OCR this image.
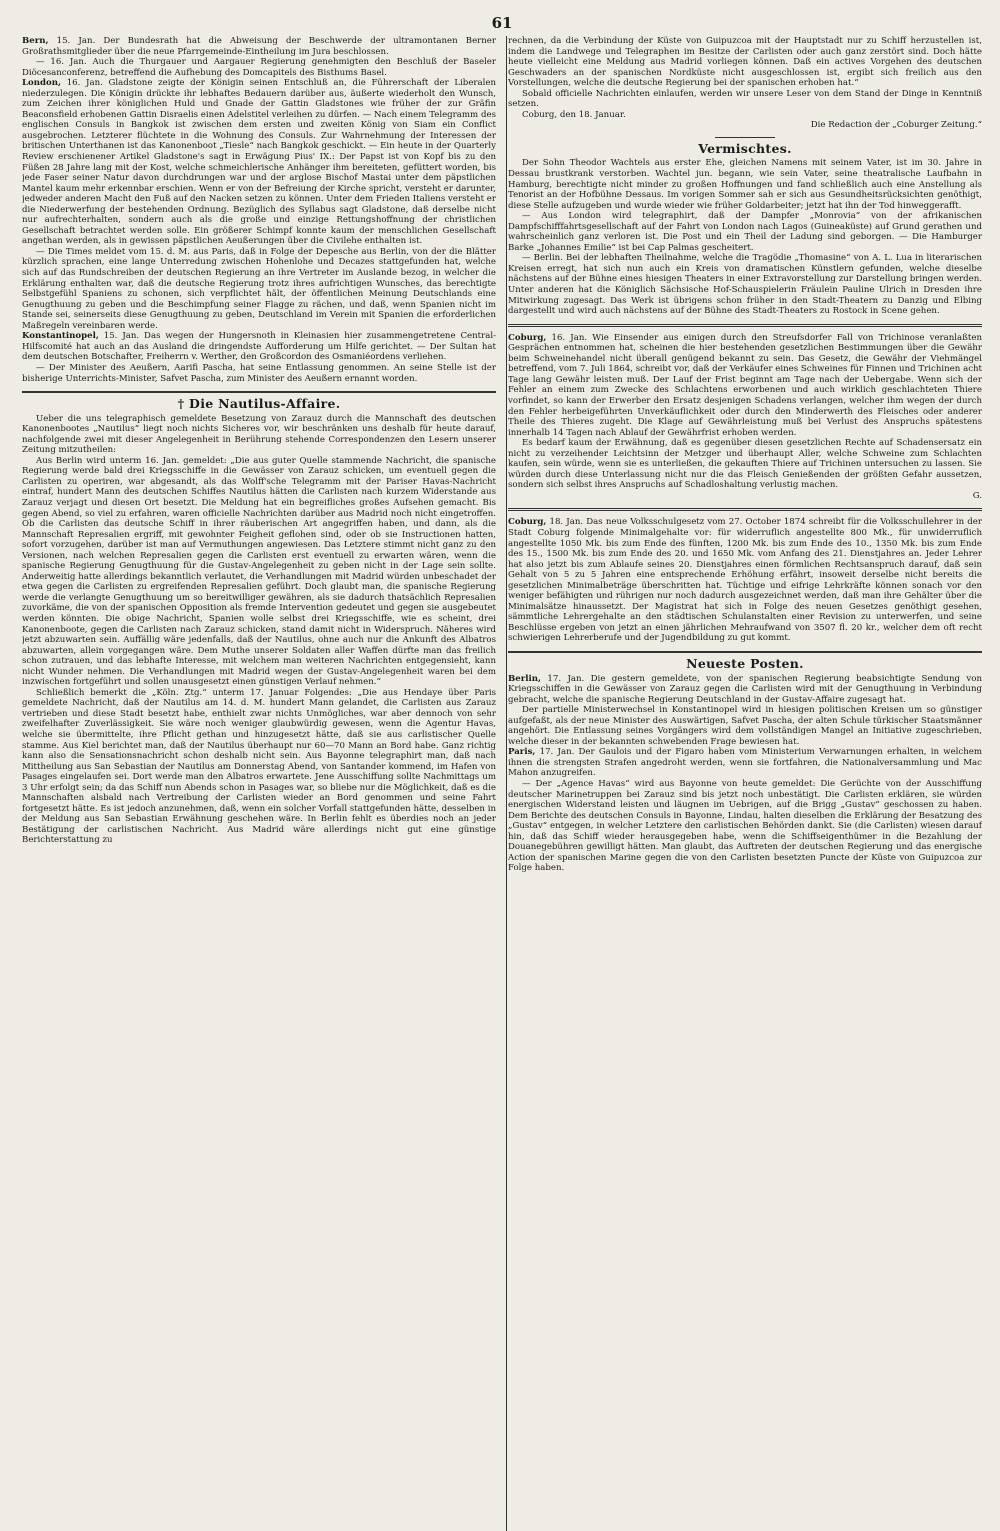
61

Bern, 15. Jan. Der Bundesrath hat die Abweisung der Beschwerde der ultramontanen Berner Großrathsmitglieder über die neue Pfarrgemeinde-Eintheilung im Jura beschlossen.

— 16. Jan. Auch die Thurgauer und Aargauer Regierung genehmigten den Beschluß der Baseler Diöcesanconferenz, betreffend die Aufhebung des Domcapitels des Bisthums Basel.

London, 16. Jan. Gladstone zeigte der Königin seinen Entschluß an, die Führerschaft der Liberalen niederzulegen. Die Königin drückte ihr lebhaftes Bedauern darüber aus, äußerte wiederholt den Wunsch, zum Zeichen ihrer königlichen Huld und Gnade der Gattin Gladstones wie früher der zur Gräfin Beaconsfield erhobenen Gattin Disraelis einen Adelstitel verleihen zu dürfen. — Nach einem Telegramm des englischen Consuls in Bangkok ist zwischen dem ersten und zweiten König von Siam ein Conflict ausgebrochen. Letzterer flüchtete in die Wohnung des Consuls. Zur Wahrnehmung der Interessen der britischen Unterthanen ist das Kanonenboot „Tiesle“ nach Bangkok geschickt. — Ein heute in der Quarterly Review erschienener Artikel Gladstone's sagt in Erwägung Pius' IX.: Der Papst ist von Kopf bis zu den Füßen 28 Jahre lang mit der Kost, welche schmeichlerische Anhänger ihm bereiteten, gefüttert worden, bis jede Faser seiner Natur davon durchdrungen war und der arglose Bischof Mastai unter dem päpstlichen Mantel kaum mehr erkennbar erschien. Wenn er von der Befreiung der Kirche spricht, versteht er darunter, jedweder anderen Macht den Fuß auf den Nacken setzen zu können. Unter dem Frieden Italiens versteht er die Niederwerfung der bestehenden Ordnung. Bezüglich des Syllabus sagt Gladstone, daß derselbe nicht nur aufrechterhalten, sondern auch als die große und einzige Rettungshoffnung der christlichen Gesellschaft betrachtet werden solle. Ein größerer Schimpf konnte kaum der menschlichen Gesellschaft angethan werden, als in gewissen päpstlichen Aeußerungen über die Civilehe enthalten ist.

— Die Times meldet vom 15. d. M. aus Paris, daß in Folge der Depesche aus Berlin, von der die Blätter kürzlich sprachen, eine lange Unterredung zwischen Hohenlohe und Decazes stattgefunden hat, welche sich auf das Rundschreiben der deutschen Regierung an ihre Vertreter im Auslande bezog, in welcher die Erklärung enthalten war, daß die deutsche Regierung trotz ihres aufrichtigen Wunsches, das berechtigte Selbstgefühl Spaniens zu schonen, sich verpflichtet hält, der öffentlichen Meinung Deutschlands eine Genugthuung zu geben und die Beschimpfung seiner Flagge zu rächen, und daß, wenn Spanien nicht im Stande sei, seinerseits diese Genugthuung zu geben, Deutschland im Verein mit Spanien die erforderlichen Maßregeln vereinbaren werde.

Konstantinopel, 15. Jan. Das wegen der Hungersnoth in Kleinasien hier zusammengetretene Central-Hilfscomité hat auch an das Ausland die dringendste Aufforderung um Hilfe gerichtet. — Der Sultan hat dem deutschen Botschafter, Freiherrn v. Werther, den Großcordon des Osmaniéordens verliehen.

— Der Minister des Aeußern, Aarifi Pascha, hat seine Entlassung genommen. An seine Stelle ist der bisherige Unterrichts-Minister, Safvet Pascha, zum Minister des Aeußern ernannt worden.

† Die Nautilus-Affaire.

Ueber die uns telegraphisch gemeldete Besetzung von Zarauz durch die Mannschaft des deutschen Kanonenbootes „Nautilus“ liegt noch nichts Sicheres vor, wir beschränken uns deshalb für heute darauf, nachfolgende zwei mit dieser Angelegenheit in Berührung stehende Correspondenzen den Lesern unserer Zeitung mitzutheilen:

Aus Berlin wird unterm 16. Jan. gemeldet: „Die aus guter Quelle stammende Nachricht, die spanische Regierung werde bald drei Kriegsschiffe in die Gewässer von Zarauz schicken, um eventuell gegen die Carlisten zu operiren, war abgesandt, als das Wolff'sche Telegramm mit der Pariser Havas-Nachricht eintraf, hundert Mann des deutschen Schiffes Nautilus hätten die Carlisten nach kurzem Widerstande aus Zarauz verjagt und diesen Ort besetzt. Die Meldung hat ein begreifliches großes Aufsehen gemacht. Bis gegen Abend, so viel zu erfahren, waren officielle Nachrichten darüber aus Madrid noch nicht eingetroffen. Ob die Carlisten das deutsche Schiff in ihrer räuberischen Art angegriffen haben, und dann, als die Mannschaft Represalien ergriff, mit gewohnter Feigheit geflohen sind, oder ob sie Instructionen hatten, sofort vorzugehen, darüber ist man auf Vermuthungen angewiesen. Das Letztere stimmt nicht ganz zu den Versionen, nach welchen Represalien gegen die Carlisten erst eventuell zu erwarten wären, wenn die spanische Regierung Genugthuung für die Gustav-Angelegenheit zu geben nicht in der Lage sein sollte. Anderweitig hatte allerdings bekanntlich verlautet, die Verhandlungen mit Madrid würden unbeschadet der etwa gegen die Carlisten zu ergreifenden Represalien geführt. Doch glaubt man, die spanische Regierung werde die verlangte Genugthuung um so bereitwilliger gewähren, als sie dadurch thatsächlich Represalien zuvorkäme, die von der spanischen Opposition als fremde Intervention gedeutet und gegen sie ausgebeutet werden könnten. Die obige Nachricht, Spanien wolle selbst drei Kriegsschiffe, wie es scheint, drei Kanonenboote, gegen die Carlisten nach Zarauz schicken, stand damit nicht in Widerspruch. Näheres wird jetzt abzuwarten sein. Auffällig wäre jedenfalls, daß der Nautilus, ohne auch nur die Ankunft des Albatros abzuwarten, allein vorgegangen wäre. Dem Muthe unserer Soldaten aller Waffen dürfte man das freilich schon zutrauen, und das lebhafte Interesse, mit welchem man weiteren Nachrichten entgegensieht, kann nicht Wunder nehmen. Die Verhandlungen mit Madrid wegen der Gustav-Angelegenheit waren bei dem inzwischen fortgeführt und sollen unausgesetzt einen günstigen Verlauf nehmen.“

Schließlich bemerkt die „Köln. Ztg.“ unterm 17. Januar Folgendes: „Die aus Hendaye über Paris gemeldete Nachricht, daß der Nautilus am 14. d. M. hundert Mann gelandet, die Carlisten aus Zarauz vertrieben und diese Stadt besetzt habe, enthielt zwar nichts Unmögliches, war aber dennoch von sehr zweifelhafter Zuverlässigkeit. Sie wäre noch weniger glaubwürdig gewesen, wenn die Agentur Havas, welche sie übermittelte, ihre Pflicht gethan und hinzugesetzt hätte, daß sie aus carlistischer Quelle stamme. Aus Kiel berichtet man, daß der Nautilus überhaupt nur 60—70 Mann an Bord habe. Ganz richtig kann also die Sensationsnachricht schon deshalb nicht sein. Aus Bayonne telegraphirt man, daß nach Mittheilung aus San Sebastian der Nautilus am Donnerstag Abend, von Santander kommend, im Hafen von Pasages eingelaufen sei. Dort werde man den Albatros erwartete. Jene Ausschiffung sollte Nachmittags um 3 Uhr erfolgt sein; da das Schiff nun Abends schon in Pasages war, so bliebe nur die Möglichkeit, daß es die Mannschaften alsbald nach Vertreibung der Carlisten wieder an Bord genommen und seine Fahrt fortgesetzt hätte. Es ist jedoch anzunehmen, daß, wenn ein solcher Vorfall stattgefunden hätte, desselben in der Meldung aus San Sebastian Erwähnung geschehen wäre. In Berlin fehlt es überdies noch an jeder Bestätigung der carlistischen Nachricht. Aus Madrid wäre allerdings nicht gut eine günstige Berichterstattung zu

rechnen, da die Verbindung der Küste von Guipuzcoa mit der Hauptstadt nur zu Schiff herzustellen ist, indem die Landwege und Telegraphen im Besitze der Carlisten oder auch ganz zerstört sind. Doch hätte heute vielleicht eine Meldung aus Madrid vorliegen können. Daß ein actives Vorgehen des deutschen Geschwaders an der spanischen Nordküste nicht ausgeschlossen ist, ergibt sich freilich aus den Vorstellungen, welche die deutsche Regierung bei der spanischen erhoben hat.“

Sobald officielle Nachrichten einlaufen, werden wir unsere Leser von dem Stand der Dinge in Kenntniß setzen.

Coburg, den 18. Januar.

Die Redaction der „Coburger Zeitung.“

Vermischtes.

Der Sohn Theodor Wachtels aus erster Ehe, gleichen Namens mit seinem Vater, ist im 30. Jahre in Dessau brustkrank verstorben. Wachtel jun. begann, wie sein Vater, seine theatralische Laufbahn in Hamburg, berechtigte nicht minder zu großen Hoffnungen und fand schließlich auch eine Anstellung als Tenorist an der Hofbühne Dessaus. Im vorigen Sommer sah er sich aus Gesundheitsrücksichten genöthigt, diese Stelle aufzugeben und wurde wieder wie früher Goldarbeiter; jetzt hat ihn der Tod hinweggerafft.

— Aus London wird telegraphirt, daß der Dampfer „Monrovia“ von der afrikanischen Dampfschifffahrtsgesellschaft auf der Fahrt von London nach Lagos (Guineaküste) auf Grund gerathen und wahrscheinlich ganz verloren ist. Die Post und ein Theil der Ladung sind geborgen. — Die Hamburger Barke „Johannes Emilie“ ist bei Cap Palmas gescheitert.

— Berlin. Bei der lebhaften Theilnahme, welche die Tragödie „Thomasine“ von A. L. Lua in literarischen Kreisen erregt, hat sich nun auch ein Kreis von dramatischen Künstlern gefunden, welche dieselbe nächstens auf der Bühne eines hiesigen Theaters in einer Extravorstellung zur Darstellung bringen werden. Unter anderen hat die Königlich Sächsische Hof-Schauspielerin Fräulein Pauline Ulrich in Dresden ihre Mitwirkung zugesagt. Das Werk ist übrigens schon früher in den Stadt-Theatern zu Danzig und Elbing dargestellt und wird auch nächstens auf der Bühne des Stadt-Theaters zu Rostock in Scene gehen.

Coburg, 16. Jan. Wie Einsender aus einigen durch den Streufsdorfer Fall von Trichinose veranlaßten Gesprächen entnommen hat, scheinen die hier bestehenden gesetzlichen Bestimmungen über die Gewähr beim Schweinehandel nicht überall genügend bekannt zu sein. Das Gesetz, die Gewähr der Viehmängel betreffend, vom 7. Juli 1864, schreibt vor, daß der Verkäufer eines Schweines für Finnen und Trichinen acht Tage lang Gewähr leisten muß. Der Lauf der Frist beginnt am Tage nach der Uebergabe. Wenn sich der Fehler an einem zum Zwecke des Schlachtens erworbenen und auch wirklich geschlachteten Thiere vorfindet, so kann der Erwerber den Ersatz desjenigen Schadens verlangen, welcher ihm wegen der durch den Fehler herbeigeführten Unverkäuflichkeit oder durch den Minderwerth des Fleisches oder anderer Theile des Thieres zugeht. Die Klage auf Gewährleistung muß bei Verlust des Anspruchs spätestens innerhalb 14 Tagen nach Ablauf der Gewährfrist erhoben werden.

Es bedarf kaum der Erwähnung, daß es gegenüber diesen gesetzlichen Rechte auf Schadensersatz ein nicht zu verzeihender Leichtsinn der Metzger und überhaupt Aller, welche Schweine zum Schlachten kaufen, sein würde, wenn sie es unterließen, die gekauften Thiere auf Trichinen untersuchen zu lassen. Sie würden durch diese Unterlassung nicht nur die das Fleisch Genießenden der größten Gefahr aussetzen, sondern sich selbst ihres Anspruchs auf Schadloshaltung verlustig machen.

G.

Coburg, 18. Jan. Das neue Volksschulgesetz vom 27. October 1874 schreibt für die Volksschullehrer in der Stadt Coburg folgende Minimalgehalte vor: für widerruflich angestellte 800 Mk., für unwiderruflich angestellte 1050 Mk. bis zum Ende des fünften, 1200 Mk. bis zum Ende des 10., 1350 Mk. bis zum Ende des 15., 1500 Mk. bis zum Ende des 20. und 1650 Mk. vom Anfang des 21. Dienstjahres an. Jeder Lehrer hat also jetzt bis zum Ablaufe seines 20. Dienstjahres einen förmlichen Rechtsanspruch darauf, daß sein Gehalt von 5 zu 5 Jahren eine entsprechende Erhöhung erfährt, insoweit derselbe nicht bereits die gesetzlichen Minimalbeträge überschritten hat. Tüchtige und eifrige Lehrkräfte können sonach vor den weniger befähigten und rührigen nur noch dadurch ausgezeichnet werden, daß man ihre Gehälter über die Minimalsätze hinaussetzt. Der Magistrat hat sich in Folge des neuen Gesetzes genöthigt gesehen, sämmtliche Lehrergehalte an den städtischen Schulanstalten einer Revision zu unterwerfen, und seine Beschlüsse ergeben von jetzt an einen jährlichen Mehraufwand von 3507 fl. 20 kr., welcher dem oft recht schwierigen Lehrerberufe und der Jugendbildung zu gut kommt.

Neueste Posten.

Berlin, 17. Jan. Die gestern gemeldete, von der spanischen Regierung beabsichtigte Sendung von Kriegsschiffen in die Gewässer von Zarauz gegen die Carlisten wird mit der Genugthuung in Verbindung gebracht, welche die spanische Regierung Deutschland in der Gustav-Affaire zugesagt hat.

Der partielle Ministerwechsel in Konstantinopel wird in hiesigen politischen Kreisen um so günstiger aufgefaßt, als der neue Minister des Auswärtigen, Safvet Pascha, der alten Schule türkischer Staatsmänner angehört. Die Entlassung seines Vorgängers wird dem vollständigen Mangel an Initiative zugeschrieben, welche dieser in der bekannten schwebenden Frage bewiesen hat.

Paris, 17. Jan. Der Gaulois und der Figaro haben vom Ministerium Verwarnungen erhalten, in welchem ihnen die strengsten Strafen angedroht werden, wenn sie fortfahren, die Nationalversammlung und Mac Mahon anzugreifen.

— Der „Agence Havas“ wird aus Bayonne von heute gemeldet: Die Gerüchte von der Ausschiffung deutscher Marinetruppen bei Zarauz sind bis jetzt noch unbestätigt. Die Carlisten erklären, sie würden energischen Widerstand leisten und läugnen im Uebrigen, auf die Brigg „Gustav“ geschossen zu haben. Dem Berichte des deutschen Consuls in Bayonne, Lindau, halten dieselben die Erklärung der Besatzung des „Gustav“ entgegen, in welcher Letztere den carlistischen Behörden dankt. Sie (die Carlisten) wiesen darauf hin, daß das Schiff wieder herausgegeben habe, wenn die Schiffseigenthümer in die Bezahlung der Douanegebühren gewilligt hätten. Man glaubt, das Auftreten der deutschen Regierung und das energische Action der spanischen Marine gegen die von den Carlisten besetzten Puncte der Küste von Guipuzcoa zur Folge haben.
